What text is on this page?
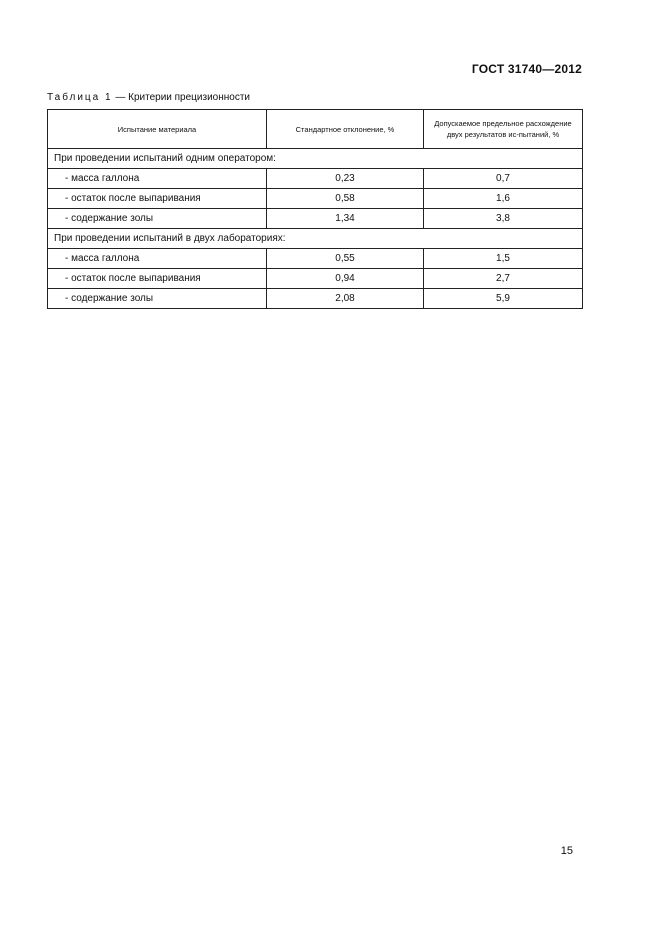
ГОСТ 31740—2012
Таблица 1 — Критерии прецизионности
Испытание материала	Стандартное отклонение, %	Допускаемое предельное расхождение двух результатов ис-пытаний, %
При проведении испытаний одним оператором:		
- масса галлона	0,23	0,7
- остаток после выпаривания	0,58	1,6
- содержание золы	1,34	3,8
При проведении испытаний в двух лабораториях:		
- масса галлона	0,55	1,5
- остаток после выпаривания	0,94	2,7
- содержание золы	2,08	5,9
15
